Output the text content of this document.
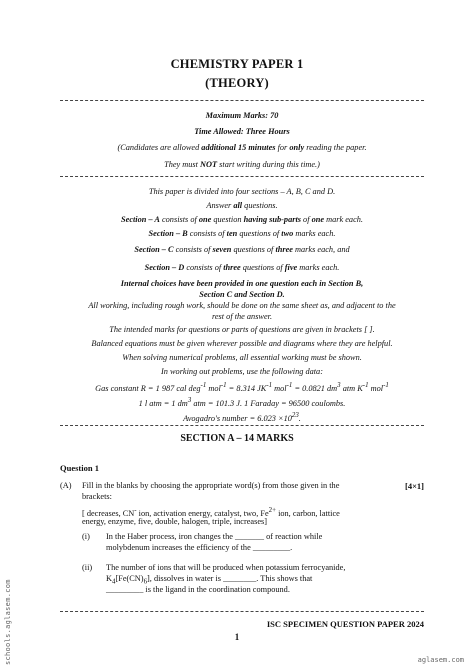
CHEMISTRY PAPER 1
(THEORY)
Maximum Marks: 70
Time Allowed: Three Hours
(Candidates are allowed additional 15 minutes for only reading the paper.
They must NOT start writing during this time.)
This paper is divided into four sections – A, B, C and D.
Answer all questions.
Section – A consists of one question having sub-parts of one mark each.
Section – B consists of ten questions of two marks each.
Section – C consists of seven questions of three marks each, and
Section – D consists of three questions of five marks each.
Internal choices have been provided in one question each in Section B,
Section C and Section D.
All working, including rough work, should be done on the same sheet as, and adjacent to the
rest of the answer.
The intended marks for questions or parts of questions are given in brackets [ ].
Balanced equations must be given wherever possible and diagrams where they are helpful.
When solving numerical problems, all essential working must be shown.
In working out problems, use the following data:
Gas constant R = 1 987 cal deg$^{-1}$ mol$^{-1}$ = 8.314 $JK^{-1}$ mol$^{-1}$ = 0.0821 $dm^3$ atm $K^{-1}$ mol$^{-1}$
1 l atm = 1 $dm^3$ atm = 101.3 J. 1 Faraday = 96500 coulombs.
Avogadro's number = $6.023 \times 10^{23}$.
SECTION A – 14 MARKS
Question 1
(A) Fill in the blanks by choosing the appropriate word(s) from those given in the	[4×1]
brackets:
[ decreases, CN- ion, activation energy, catalyst, two, $Fe^{2+}$ ion, carbon, lattice
energy, enzyme, five, double, halogen, triple, increases]
(i) In the Haber process, iron changes the _______ of reaction while
molybdenum increases the efficiency of the _________.
(ii) The number of ions that will be produced when potassium ferrocyanide,
$K_4[Fe(CN)_6]$, dissolves in water is ________. This shows that
_________ is the ligand in the coordination compound.
ISC SPECIMEN QUESTION PAPER 2024
1
schools.aglasem.com	aglasem.com
